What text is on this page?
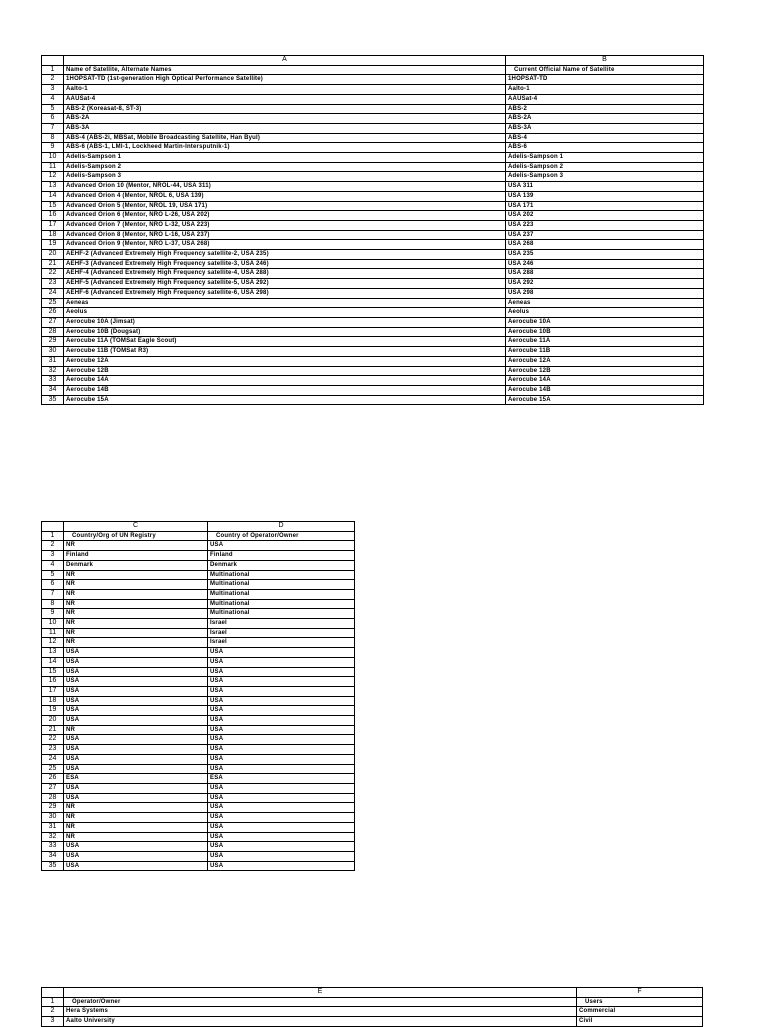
	A	B
1	Name of Satellite, Alternate Names	Current Official Name of Satellite
2	1HOPSAT-TD (1st-generation High Optical Performance Satellite)	1HOPSAT-TD
3	Aalto-1	Aalto-1
4	AAUSat-4	AAUSat-4
5	ABS-2 (Koreasat-8, ST-3)	ABS-2
6	ABS-2A	ABS-2A
7	ABS-3A	ABS-3A
8	ABS-4 (ABS-2i, MBSat, Mobile Broadcasting Satellite, Han Byul)	ABS-4
9	ABS-6 (ABS-1, LMI-1, Lockheed Martin-Intersputnik-1)	ABS-6
10	Adelis-Sampson 1	Adelis-Sampson 1
11	Adelis-Sampson 2	Adelis-Sampson 2
12	Adelis-Sampson 3	Adelis-Sampson 3
13	Advanced Orion 10 (Mentor, NROL-44, USA 311)	USA 311
14	Advanced Orion 4 (Mentor, NROL 6, USA 139)	USA 139
15	Advanced Orion 5 (Mentor, NROL 19, USA 171)	USA 171
16	Advanced Orion 6 (Mentor, NRO L-26, USA 202)	USA 202
17	Advanced Orion 7 (Mentor, NRO L-32, USA 223)	USA 223
18	Advanced Orion 8 (Mentor, NRO L-16, USA 237)	USA 237
19	Advanced Orion 9 (Mentor, NRO L-37, USA 268)	USA 268
20	AEHF-2 (Advanced Extremely High Frequency satellite-2, USA 235)	USA 235
21	AEHF-3 (Advanced Extremely High Frequency satellite-3, USA 246)	USA 246
22	AEHF-4 (Advanced Extremely High Frequency satellite-4, USA 288)	USA 288
23	AEHF-5 (Advanced Extremely High Frequency satellite-5, USA 292)	USA 292
24	AEHF-6 (Advanced Extremely High Frequency satellite-6, USA 298)	USA 298
25	Aeneas	Aeneas
26	Aeolus	Aeolus
27	Aerocube 10A (Jimsat)	Aerocube 10A
28	Aerocube 10B (Dougsat)	Aerocube 10B
29	Aerocube 11A (TOMSat Eagle Scout)	Aerocube 11A
30	Aerocube 11B (TOMSat R3)	Aerocube 11B
31	Aerocube 12A	Aerocube 12A
32	Aerocube 12B	Aerocube 12B
33	Aerocube 14A	Aerocube 14A
34	Aerocube 14B	Aerocube 14B
35	Aerocube 15A	Aerocube 15A
	C	D
1	Country/Org of UN Registry	Country of Operator/Owner
2	NR	USA
3	Finland	Finland
4	Denmark	Denmark
5	NR	Multinational
6	NR	Multinational
7	NR	Multinational
8	NR	Multinational
9	NR	Multinational
10	NR	Israel
11	NR	Israel
12	NR	Israel
13	USA	USA
14	USA	USA
15	USA	USA
16	USA	USA
17	USA	USA
18	USA	USA
19	USA	USA
20	USA	USA
21	NR	USA
22	USA	USA
23	USA	USA
24	USA	USA
25	USA	USA
26	ESA	ESA
27	USA	USA
28	USA	USA
29	NR	USA
30	NR	USA
31	NR	USA
32	NR	USA
33	USA	USA
34	USA	USA
35	USA	USA
	E	F
1	Operator/Owner	Users
2	Hera Systems	Commercial
3	Aalto University	Civil
